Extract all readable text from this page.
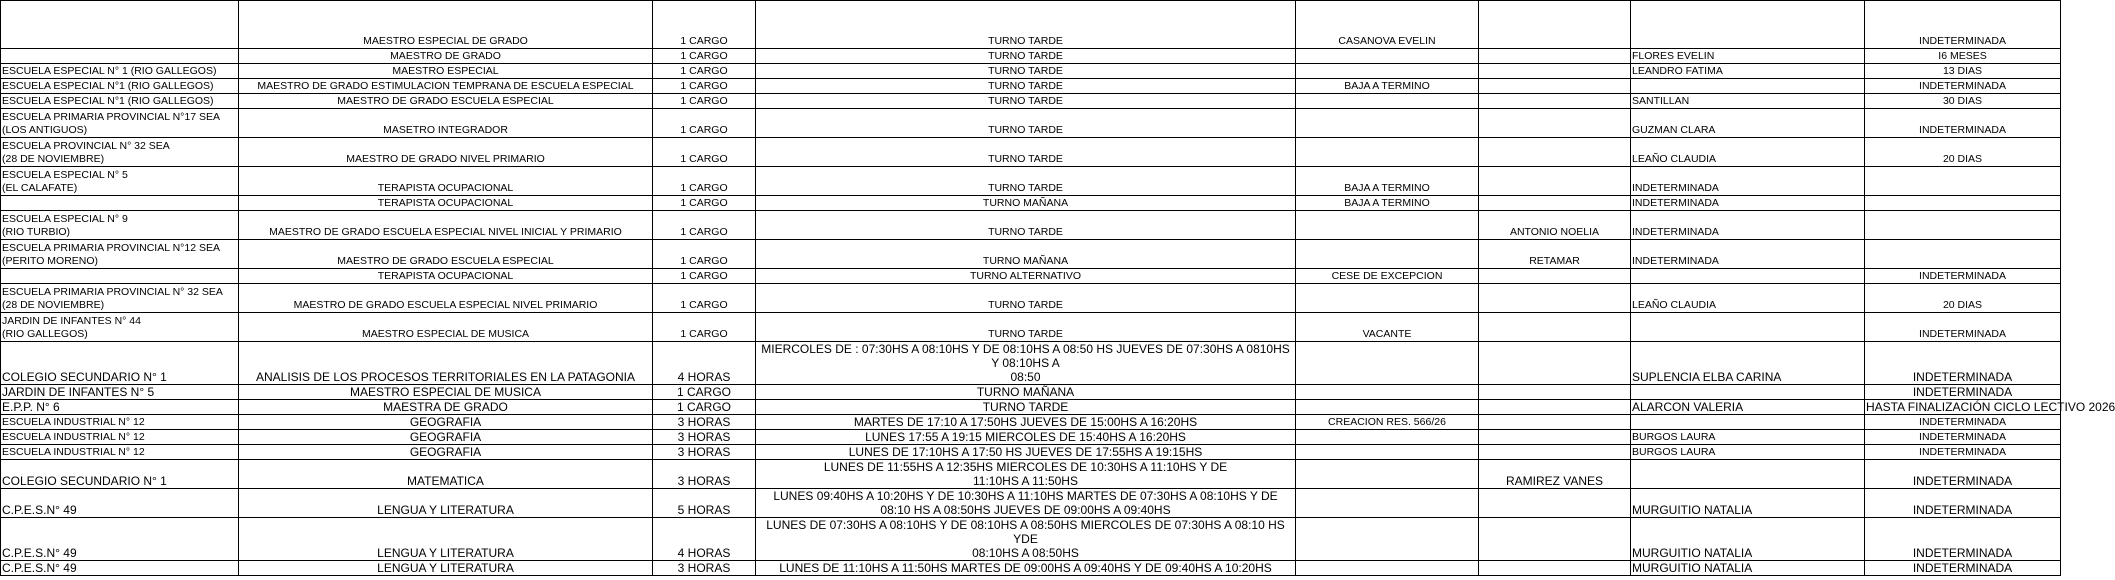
	MAESTRO ESPECIAL DE GRADO	1 CARGO	TURNO TARDE	CASANOVA EVELIN			INDETERMINADA
	MAESTRO DE GRADO	1 CARGO	TURNO TARDE			FLORES EVELIN	I6 MESES
ESCUELA ESPECIAL N° 1 (RIO GALLEGOS)	MAESTRO ESPECIAL	1 CARGO	TURNO TARDE			LEANDRO FATIMA	13 DIAS
ESCUELA ESPECIAL N°1 (RIO GALLEGOS)	MAESTRO DE GRADO ESTIMULACION TEMPRANA DE ESCUELA ESPECIAL	1 CARGO	TURNO TARDE	BAJA A TERMINO			INDETERMINADA
ESCUELA ESPECIAL N°1 (RIO GALLEGOS)	MAESTRO DE GRADO ESCUELA ESPECIAL	1 CARGO	TURNO TARDE			SANTILLAN	30 DIAS
ESCUELA PRIMARIA PROVINCIAL N°17 SEA
(LOS ANTIGUOS)	MASETRO INTEGRADOR	1 CARGO	TURNO TARDE			GUZMAN CLARA	INDETERMINADA
ESCUELA PROVINCIAL N° 32 SEA
(28 DE NOVIEMBRE)	MAESTRO DE GRADO NIVEL PRIMARIO	1 CARGO	TURNO TARDE			LEAÑO CLAUDIA	20 DIAS
ESCUELA ESPECIAL N° 5
(EL CALAFATE)	TERAPISTA OCUPACIONAL	1 CARGO	TURNO TARDE	BAJA A TERMINO		INDETERMINADA	
	TERAPISTA OCUPACIONAL	1 CARGO	TURNO MAÑANA	BAJA A TERMINO		INDETERMINADA	
ESCUELA ESPECIAL N° 9
(RIO TURBIO)	MAESTRO DE GRADO ESCUELA ESPECIAL NIVEL INICIAL Y PRIMARIO	1 CARGO	TURNO TARDE		ANTONIO NOELIA	INDETERMINADA	
ESCUELA PRIMARIA PROVINCIAL N°12 SEA
(PERITO MORENO)	MAESTRO DE GRADO ESCUELA ESPECIAL	1 CARGO	TURNO MAÑANA		RETAMAR	INDETERMINADA	
	TERAPISTA OCUPACIONAL	1 CARGO	TURNO ALTERNATIVO	CESE DE EXCEPCION			INDETERMINADA
ESCUELA PRIMARIA PROVINCIAL N° 32 SEA
(28 DE NOVIEMBRE)	MAESTRO DE GRADO ESCUELA ESPECIAL NIVEL PRIMARIO	1 CARGO	TURNO TARDE			LEAÑO CLAUDIA	20 DIAS
JARDIN DE INFANTES N° 44
(RIO GALLEGOS)	MAESTRO ESPECIAL DE MUSICA	1 CARGO	TURNO TARDE	VACANTE			INDETERMINADA
COLEGIO SECUNDARIO N° 1	ANALISIS DE LOS PROCESOS TERRITORIALES EN LA PATAGONIA	4 HORAS	MIERCOLES DE : 07:30HS A 08:10HS Y DE 08:10HS A 08:50 HS JUEVES DE 07:30HS A 0810HS Y 08:10HS A
08:50			SUPLENCIA ELBA CARINA	INDETERMINADA
JARDIN DE INFANTES N° 5	MAESTRO ESPECIAL DE MUSICA	1 CARGO	TURNO MAÑANA				INDETERMINADA
E.P.P. N° 6	MAESTRA DE GRADO	1 CARGO	TURNO TARDE			ALARCON VALERIA	HASTA FINALIZACIÓN CICLO LECTIVO 2026
ESCUELA INDUSTRIAL N° 12	GEOGRAFIA	3 HORAS	MARTES DE 17:10 A 17:50HS JUEVES DE 15:00HS A 16:20HS	CREACION RES. 566/26			INDETERMINADA
ESCUELA INDUSTRIAL N° 12	GEOGRAFIA	3 HORAS	LUNES 17:55 A 19:15 MIERCOLES DE 15:40HS A 16:20HS			BURGOS LAURA	INDETERMINADA
ESCUELA INDUSTRIAL N° 12	GEOGRAFIA	3 HORAS	LUNES DE 17:10HS A 17:50 HS JUEVES DE 17:55HS A 19:15HS			BURGOS LAURA	INDETERMINADA
COLEGIO SECUNDARIO N° 1	MATEMATICA	3 HORAS	LUNES DE 11:55HS A 12:35HS MIERCOLES DE 10:30HS A 11:10HS Y DE
11:10HS A 11:50HS		RAMIREZ VANES		INDETERMINADA
C.P.E.S.N° 49	LENGUA Y LITERATURA	5 HORAS	LUNES 09:40HS A 10:20HS Y DE 10:30HS A 11:10HS MARTES DE 07:30HS A 08:10HS Y DE
08:10 HS A 08:50HS JUEVES DE 09:00HS A 09:40HS			MURGUITIO NATALIA	INDETERMINADA
C.P.E.S.N° 49	LENGUA Y LITERATURA	4 HORAS	LUNES DE 07:30HS A 08:10HS Y DE 08:10HS A 08:50HS MIERCOLES DE 07:30HS A 08:10 HS YDE
08:10HS A 08:50HS			MURGUITIO NATALIA	INDETERMINADA
C.P.E.S.N° 49	LENGUA Y LITERATURA	3 HORAS	LUNES DE 11:10HS A 11:50HS MARTES DE 09:00HS A 09:40HS Y DE 09:40HS A 10:20HS			MURGUITIO NATALIA	INDETERMINADA
